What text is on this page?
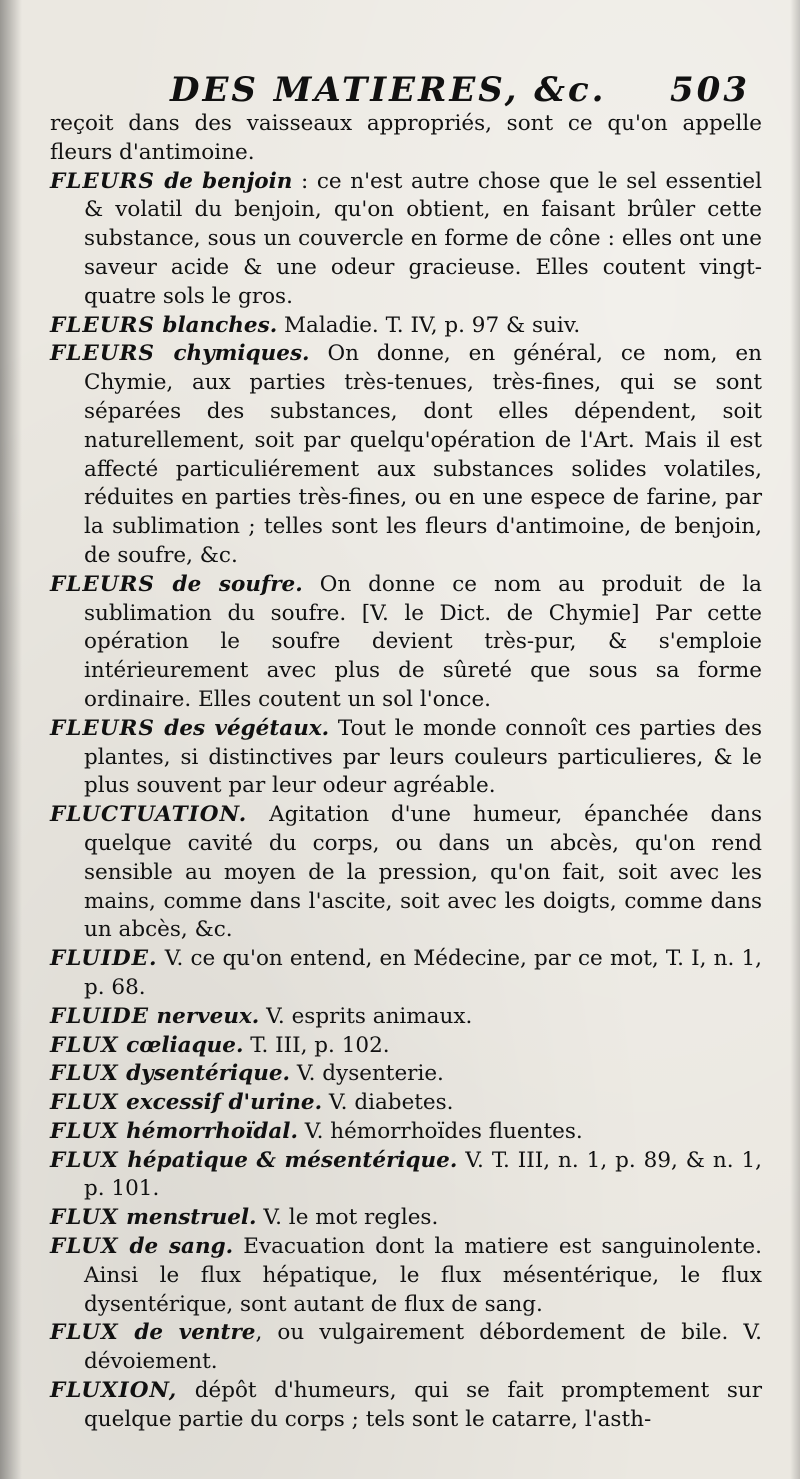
DES MATIERES, &c. 503

reçoit dans des vaisseaux appropriés, sont ce qu'on appelle fleurs d'antimoine.

FLEURS de benjoin : ce n'est autre chose que le sel essentiel & volatil du benjoin, qu'on obtient, en faisant brûler cette substance, sous un couvercle en forme de cône : elles ont une saveur acide & une odeur gracieuse. Elles coutent vingt-quatre sols le gros.

FLEURS blanches. Maladie. T. IV, p. 97 & suiv.

FLEURS chymiques. On donne, en général, ce nom, en Chymie, aux parties très-tenues, très-fines, qui se sont séparées des substances, dont elles dépendent, soit naturellement, soit par quelqu'opération de l'Art. Mais il est affecté particuliérement aux substances solides volatiles, réduites en parties très-fines, ou en une espece de farine, par la sublimation ; telles sont les fleurs d'antimoine, de benjoin, de soufre, &c.

FLEURS de soufre. On donne ce nom au produit de la sublimation du soufre. [V. le Dict. de Chymie] Par cette opération le soufre devient très-pur, & s'emploie intérieurement avec plus de sûreté que sous sa forme ordinaire. Elles coutent un sol l'once.

FLEURS des végétaux. Tout le monde connoît ces parties des plantes, si distinctives par leurs couleurs particulieres, & le plus souvent par leur odeur agréable.

FLUCTUATION. Agitation d'une humeur, épanchée dans quelque cavité du corps, ou dans un abcès, qu'on rend sensible au moyen de la pression, qu'on fait, soit avec les mains, comme dans l'ascite, soit avec les doigts, comme dans un abcès, &c.

FLUIDE. V. ce qu'on entend, en Médecine, par ce mot, T. I, n. 1, p. 68.

FLUIDE nerveux. V. esprits animaux.

FLUX cœliaque. T. III, p. 102.

FLUX dysentérique. V. dysenterie.

FLUX excessif d'urine. V. diabetes.

FLUX hémorrhoïdal. V. hémorrhoïdes fluentes.

FLUX hépatique & mésentérique. V. T. III, n. 1, p. 89, & n. 1, p. 101.

FLUX menstruel. V. le mot regles.

FLUX de sang. Evacuation dont la matiere est sanguinolente. Ainsi le flux hépatique, le flux mésentérique, le flux dysentérique, sont autant de flux de sang.

FLUX de ventre, ou vulgairement débordement de bile. V. dévoiement.

FLUXION, dépôt d'humeurs, qui se fait promptement sur quelque partie du corps ; tels sont le catarre, l'asth-
